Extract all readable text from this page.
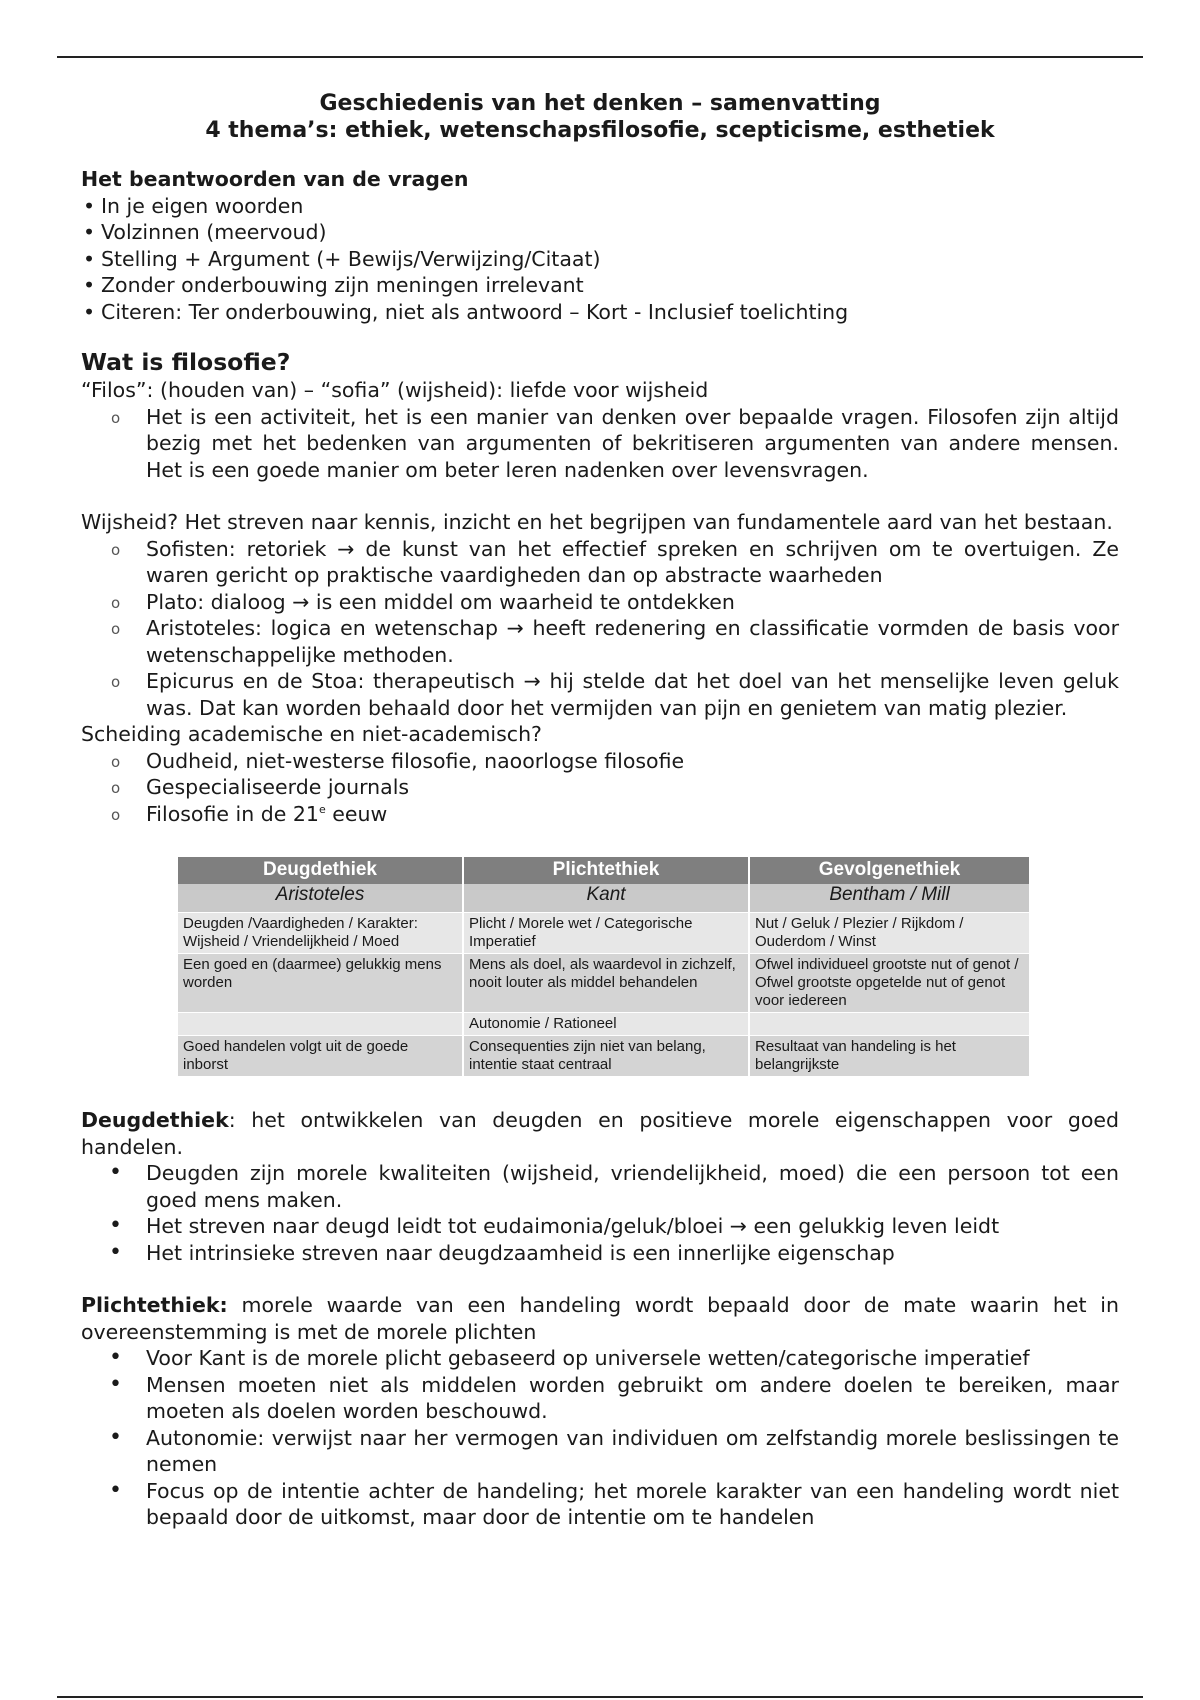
Geschiedenis van het denken – samenvatting

4 thema’s: ethiek, wetenschapsfilosofie, scepticisme, esthetiek

Het beantwoorden van de vragen

• In je eigen woorden
• Volzinnen (meervoud)
• Stelling + Argument (+ Bewijs/Verwijzing/Citaat)
• Zonder onderbouwing zijn meningen irrelevant
• Citeren: Ter onderbouwing, niet als antwoord – Kort - Inclusief toelichting

Wat is filosofie?

“Filos”: (houden van) – “sofia” (wijsheid): liefde voor wijsheid

o Het is een activiteit, het is een manier van denken over bepaalde vragen. Filosofen zijn altijd bezig met het bedenken van argumenten of bekritiseren argumenten van andere mensen. Het is een goede manier om beter leren nadenken over levensvragen.

Wijsheid? Het streven naar kennis, inzicht en het begrijpen van fundamentele aard van het bestaan.

o Sofisten: retoriek → de kunst van het effectief spreken en schrijven om te overtuigen. Ze waren gericht op praktische vaardigheden dan op abstracte waarheden
o Plato: dialoog → is een middel om waarheid te ontdekken
o Aristoteles: logica en wetenschap → heeft redenering en classificatie vormden de basis voor wetenschappelijke methoden.
o Epicurus en de Stoa: therapeutisch → hij stelde dat het doel van het menselijke leven geluk was. Dat kan worden behaald door het vermijden van pijn en genietem van matig plezier.

Scheiding academische en niet-academisch?

o Oudheid, niet-westerse filosofie, naoorlogse filosofie
o Gespecialiseerde journals
o Filosofie in de 21e eeuw
Deugdethiek	Plichtethiek	Gevolgenethiek
Aristoteles	Kant	Bentham / Mill
Deugden /Vaardigheden / Karakter: Wijsheid / Vriendelijkheid / Moed	Plicht / Morele wet / Categorische Imperatief	Nut / Geluk / Plezier / Rijkdom / Ouderdom / Winst
Een goed en (daarmee) gelukkig mens worden	Mens als doel, als waardevol in zichzelf, nooit louter als middel behandelen	Ofwel individueel grootste nut of genot / Ofwel grootste opgetelde nut of genot voor iedereen
	Autonomie / Rationeel	
Goed handelen volgt uit de goede inborst	Consequenties zijn niet van belang, intentie staat centraal	Resultaat van handeling is het belangrijkste

Deugdethiek: het ontwikkelen van deugden en positieve morele eigenschappen voor goed handelen.

• Deugden zijn morele kwaliteiten (wijsheid, vriendelijkheid, moed) die een persoon tot een goed mens maken.
• Het streven naar deugd leidt tot eudaimonia/geluk/bloei → een gelukkig leven leidt
• Het intrinsieke streven naar deugdzaamheid is een innerlijke eigenschap

Plichtethiek: morele waarde van een handeling wordt bepaald door de mate waarin het in overeenstemming is met de morele plichten

• Voor Kant is de morele plicht gebaseerd op universele wetten/categorische imperatief
• Mensen moeten niet als middelen worden gebruikt om andere doelen te bereiken, maar moeten als doelen worden beschouwd.
• Autonomie: verwijst naar her vermogen van individuen om zelfstandig morele beslissingen te nemen
• Focus op de intentie achter de handeling; het morele karakter van een handeling wordt niet bepaald door de uitkomst, maar door de intentie om te handelen
